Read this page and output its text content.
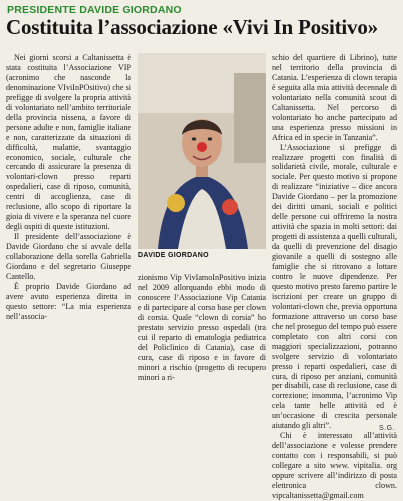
PRESIDENTE DAVIDE GIORDANO
Costituita l’associazione «Vivi In Positivo»

Nei giorni scorsi a Caltanissetta è stata costituita l’Associazione VIP (acronimo che nasconde la denominazione VIviInPOsitivo) che si prefigge di svolgere la propria attività di volontariato nell’ambito territoriale della provincia nissena, a favore di persone adulte e non, famiglie italiane e non, caratterizzate da situazioni di difficoltà, malattie, svantaggio economico, sociale, culturale che cercando di assicurare la presenza di volontari-clown presso reparti ospedalieri, case di riposo, comunità, centri di accoglienza, case di reclusione, allo scopo di riportare la gioia di vivere e la speranza nel cuore degli ospiti di queste istituzioni.

Il presidente dell’associazione è Davide Giordano che si avvale della collaborazione della sorella Gabriella Giordano e del segretario Giuseppe Cantello.

È proprio Davide Giordano ad avere avuto esperienza diretta in questo settore: “La mia esperienza nell’associa-

DAVIDE GIORDANO

zionismo Vip VivIamoInPositivo inizia nel 2009 allorquando ebbi modo di conoscere l’Associazione Vip Catania e di partecipare al corso base per clown di corsia. Quale “clown di corsia” ho prestato servizio presso ospedali (tra cui il reparto di ematologia pediatrica del Policlinico di Catania), case di cura, case di riposo e in favore di minori a rischio (progetto di recupero minori a ri-

schio del quartiere di Librino), tutte nel territorio della provincia di Catania. L’esperienza di clown terapia è seguita alla mia attività decennale di volontariato nella comunità scout di Caltanissetta. Nel percorso di volontariato ho anche partecipato ad una esperienza presso missioni in Africa ed in specie in Tanzania”.

L’Associazione si prefigge di realizzare progetti con finalità di solidarietà civile, morale, culturale e sociale. Per questo motivo si propone di realizzare “iniziative – dice ancora Davide Giordano – per la promozione dei diritti umani, sociali e politici delle persone cui offriremo la nostra attività che spazia in molti settori: dai progetti di assistenza a quelli culturali, da quelli di prevenzione del disagio giovanile a quelli di sostegno alle famiglie che si ritrovano a lottare contro le nuove dipendenze. Per questo motivo presto faremo partire le iscrizioni per creare un gruppo di volontari-clown che, previa opportuna formazione attraverso un corso base che nel proseguo del tempo può essere completato con altri corsi con maggiori specializzazioni, potranno svolgere servizio di volontariato presso i reparti ospedalieri, case di cura, di riposo per anziani, comunità per disabili, case di reclusione, case di correzione; insomma, l’acronimo Vip cela tante belle attività ed è un’occasione di crescita personale aiutando gli altri”.

Chi è interessato all’attività dell’associazione e volesse prendere contatto con i responsabili, si può collegare a sito www. vipitalia. org oppure scrivere all’indirizzo di posta elettronica clown. vipcaltanissetta@gmail.com

S.G.
